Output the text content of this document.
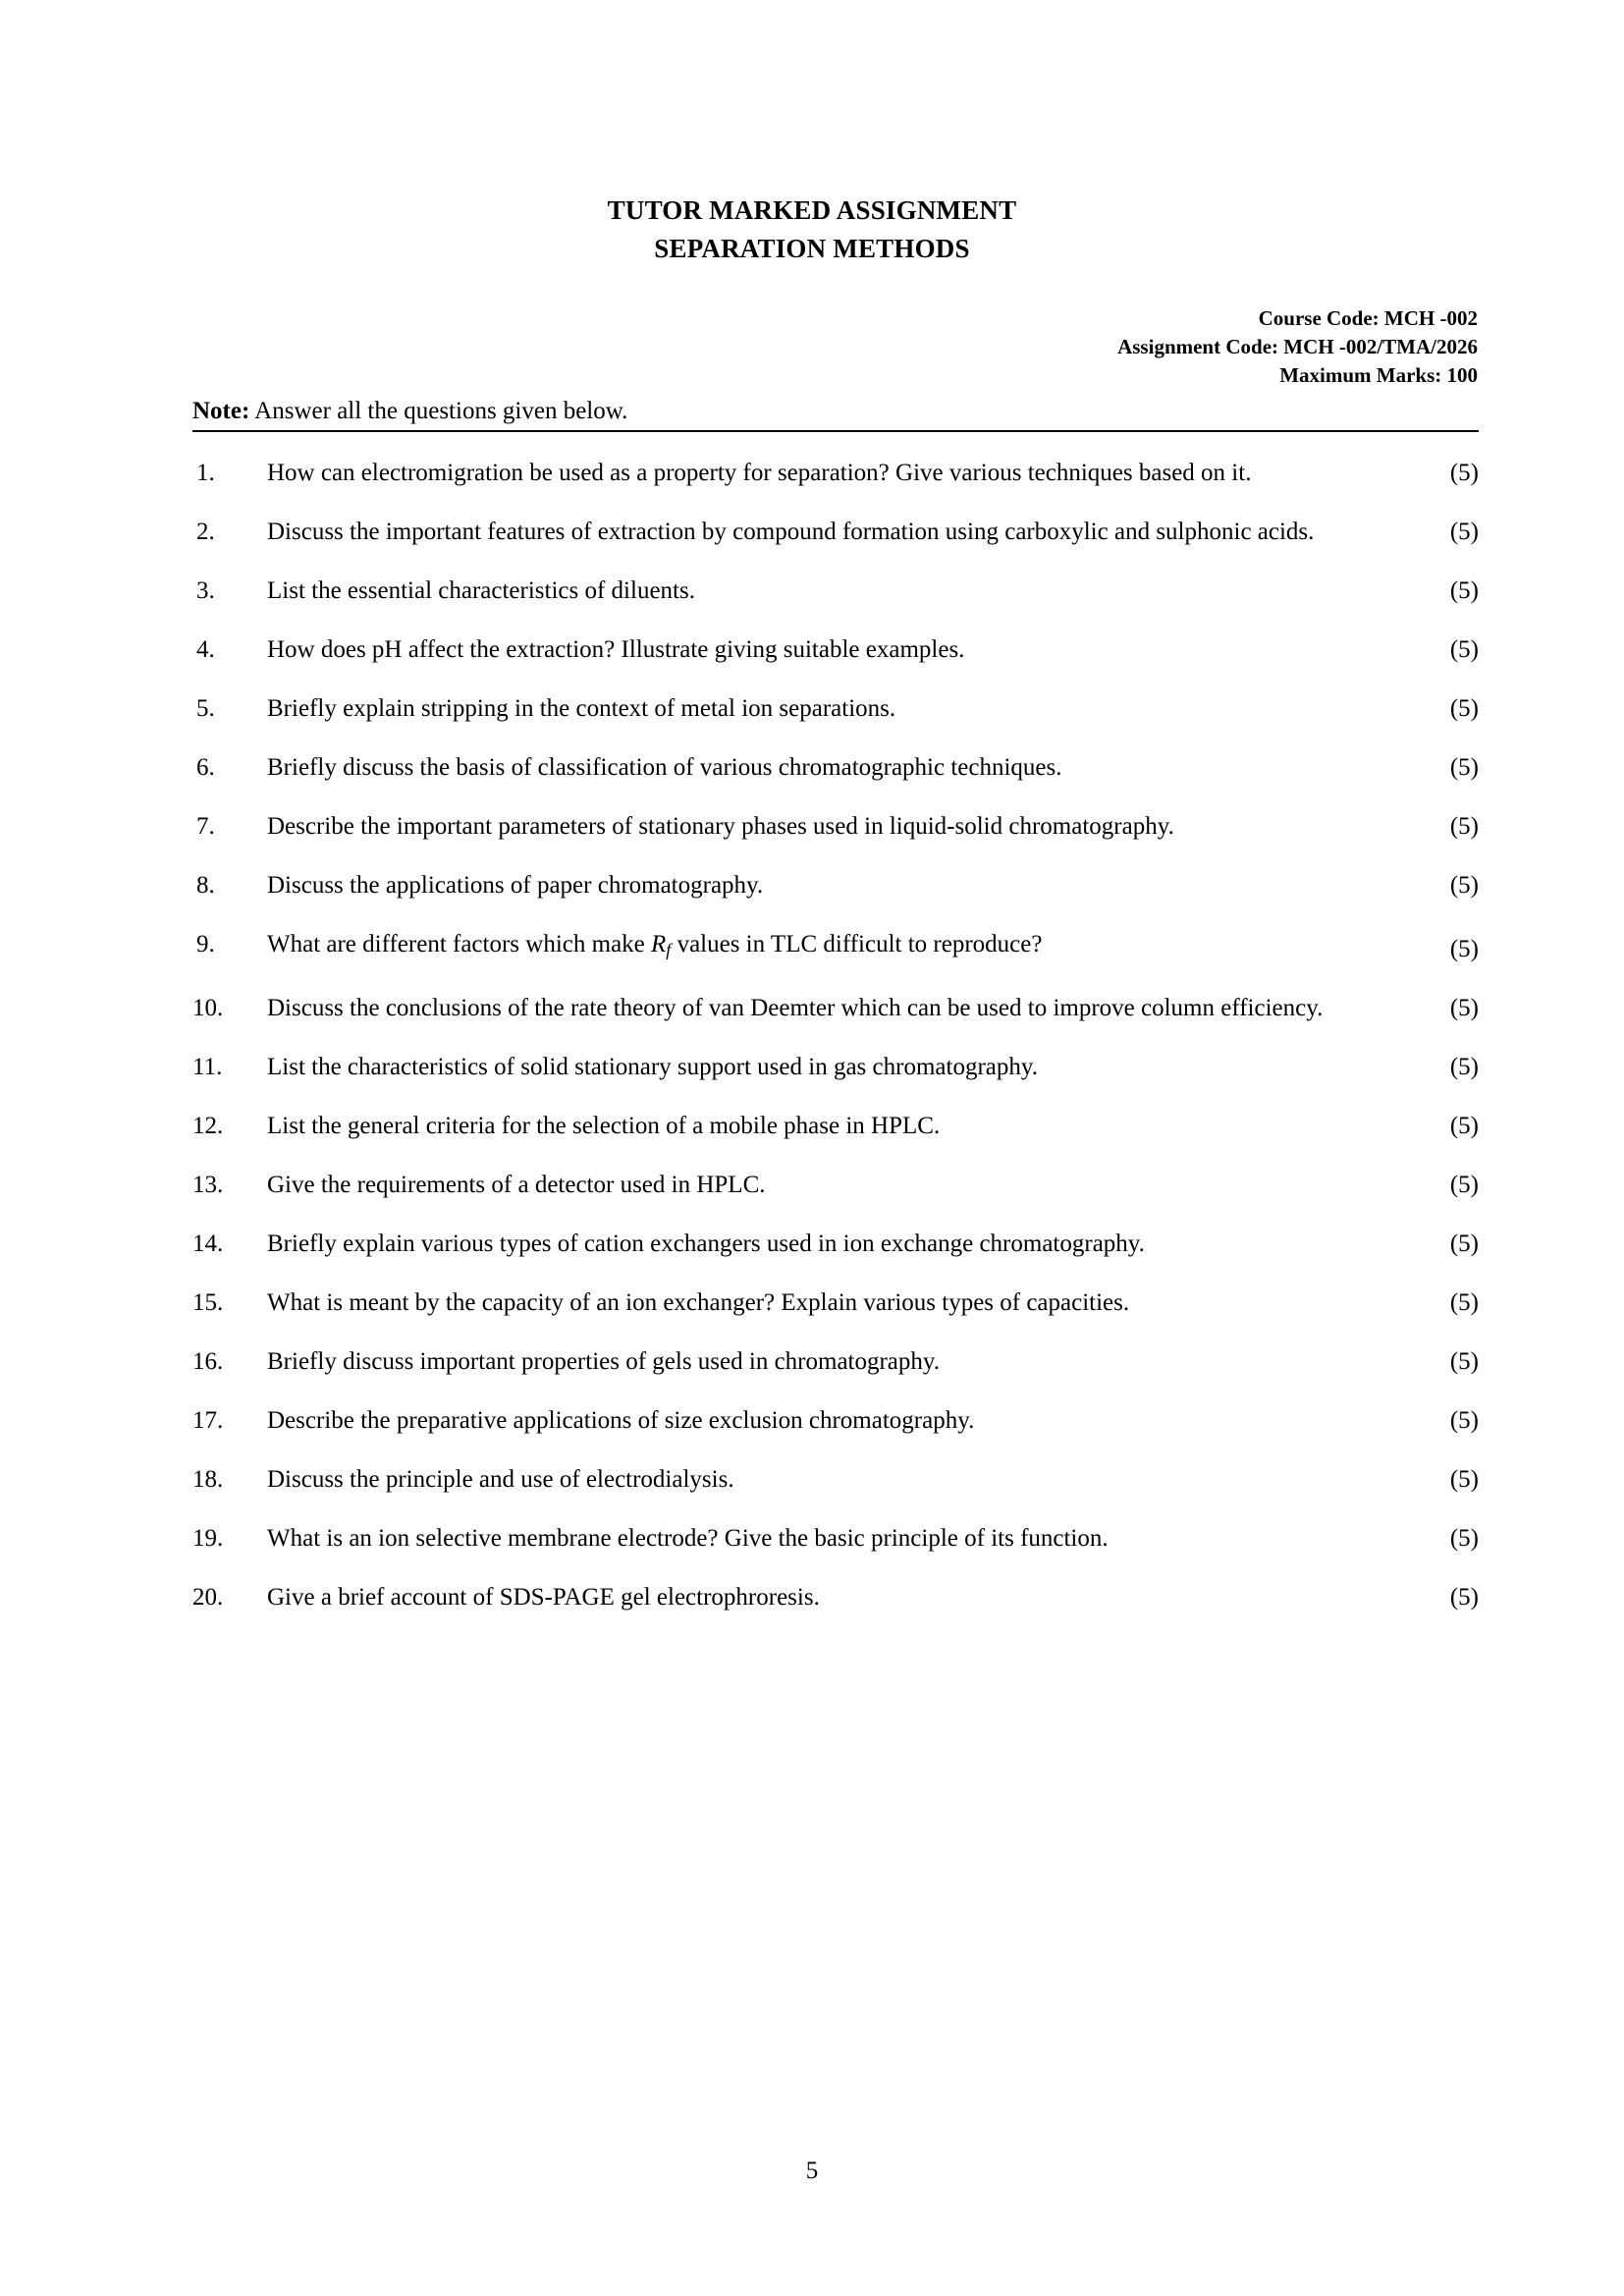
TUTOR MARKED ASSIGNMENT
SEPARATION METHODS
Course Code: MCH -002
Assignment Code: MCH -002/TMA/2026
Maximum Marks: 100
Note: Answer all the questions given below.
1.	How can electromigration be used as a property for separation? Give various techniques based on it.	(5)
2.	Discuss the important features of extraction by compound formation using carboxylic and sulphonic acids.	(5)
3.	List the essential characteristics of diluents.	(5)
4.	How does pH affect the extraction? Illustrate giving suitable examples.	(5)
5.	Briefly explain stripping in the context of metal ion separations.	(5)
6.	Briefly discuss the basis of classification of various chromatographic techniques.	(5)
7.	Describe the important parameters of stationary phases used in liquid-solid chromatography.	(5)
8.	Discuss the applications of paper chromatography.	(5)
9.	What are different factors which make $R_f$ values in TLC difficult to reproduce?	(5)
10.	Discuss the conclusions of the rate theory of van Deemter which can be used to improve column efficiency.	(5)
11.	List the characteristics of solid stationary support used in gas chromatography.	(5)
12.	List the general criteria for the selection of a mobile phase in HPLC.	(5)
13.	Give the requirements of a detector used in HPLC.	(5)
14.	Briefly explain various types of cation exchangers used in ion exchange chromatography.	(5)
15.	What is meant by the capacity of an ion exchanger? Explain various types of capacities.	(5)
16.	Briefly discuss important properties of gels used in chromatography.	(5)
17.	Describe the preparative applications of size exclusion chromatography.	(5)
18.	Discuss the principle and use of electrodialysis.	(5)
19.	What is an ion selective membrane electrode? Give the basic principle of its function.	(5)
20.	Give a brief account of SDS-PAGE gel electrophroresis.	(5)
5
